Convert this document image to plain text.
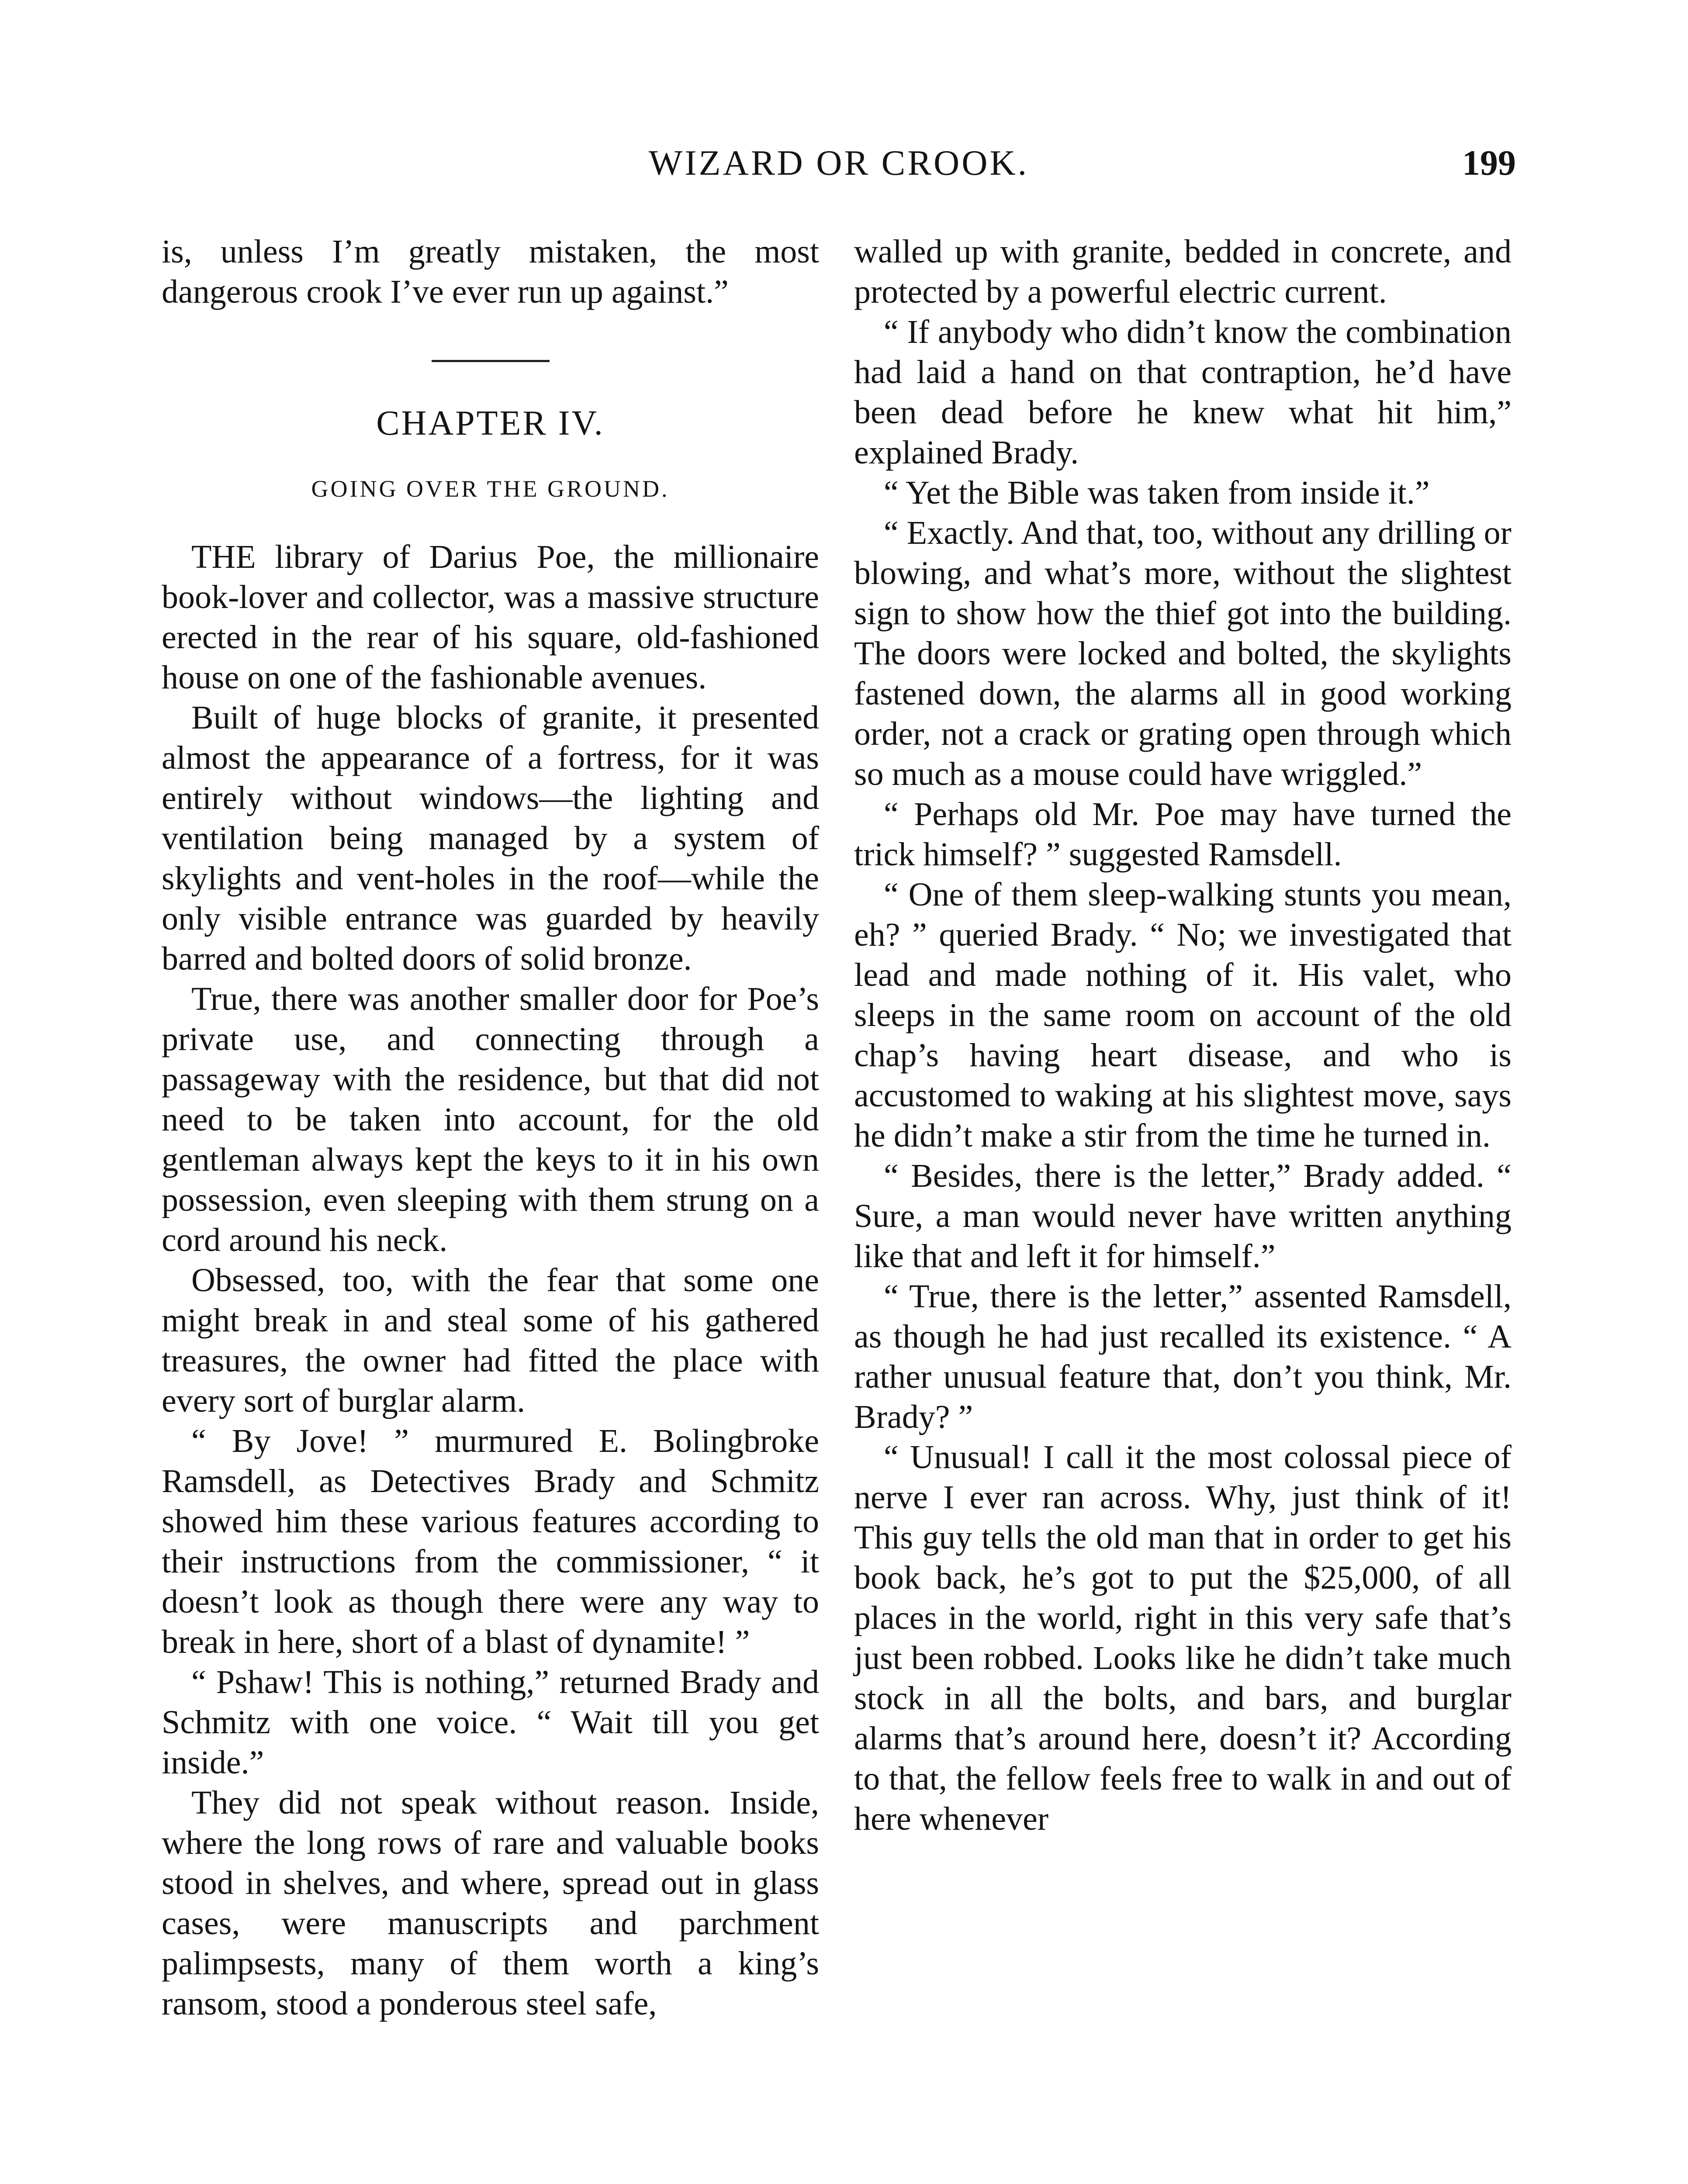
WIZARD OR CROOK.	199

is, unless I’m greatly mistaken, the most dangerous crook I’ve ever run up against.”

CHAPTER IV.
GOING OVER THE GROUND.

THE library of Darius Poe, the millionaire book-lover and collector, was a massive structure erected in the rear of his square, old-fashioned house on one of the fashionable avenues.

Built of huge blocks of granite, it presented almost the appearance of a fortress, for it was entirely without windows—the lighting and ventilation being managed by a system of skylights and vent-holes in the roof—while the only visible entrance was guarded by heavily barred and bolted doors of solid bronze.

True, there was another smaller door for Poe’s private use, and connecting through a passageway with the residence, but that did not need to be taken into account, for the old gentleman always kept the keys to it in his own possession, even sleeping with them strung on a cord around his neck.

Obsessed, too, with the fear that some one might break in and steal some of his gathered treasures, the owner had fitted the place with every sort of burglar alarm.

“ By Jove! ” murmured E. Bolingbroke Ramsdell, as Detectives Brady and Schmitz showed him these various features according to their instructions from the commissioner, “ it doesn’t look as though there were any way to break in here, short of a blast of dynamite! ”

“ Pshaw! This is nothing,” returned Brady and Schmitz with one voice. “ Wait till you get inside.”

They did not speak without reason. Inside, where the long rows of rare and valuable books stood in shelves, and where, spread out in glass cases, were manuscripts and parchment palimpsests, many of them worth a king’s ransom, stood a ponderous steel safe,

walled up with granite, bedded in concrete, and protected by a powerful electric current.

“ If anybody who didn’t know the combination had laid a hand on that contraption, he’d have been dead before he knew what hit him,” explained Brady.

“ Yet the Bible was taken from inside it.”

“ Exactly. And that, too, without any drilling or blowing, and what’s more, without the slightest sign to show how the thief got into the building. The doors were locked and bolted, the skylights fastened down, the alarms all in good working order, not a crack or grating open through which so much as a mouse could have wriggled.”

“ Perhaps old Mr. Poe may have turned the trick himself? ” suggested Ramsdell.

“ One of them sleep-walking stunts you mean, eh? ” queried Brady. “ No; we investigated that lead and made nothing of it. His valet, who sleeps in the same room on account of the old chap’s having heart disease, and who is accustomed to waking at his slightest move, says he didn’t make a stir from the time he turned in.

“ Besides, there is the letter,” Brady added. “ Sure, a man would never have written anything like that and left it for himself.”

“ True, there is the letter,” assented Ramsdell, as though he had just recalled its existence. “ A rather unusual feature that, don’t you think, Mr. Brady? ”

“ Unusual! I call it the most colossal piece of nerve I ever ran across. Why, just think of it! This guy tells the old man that in order to get his book back, he’s got to put the $25,000, of all places in the world, right in this very safe that’s just been robbed. Looks like he didn’t take much stock in all the bolts, and bars, and burglar alarms that’s around here, doesn’t it? According to that, the fellow feels free to walk in and out of here whenever
